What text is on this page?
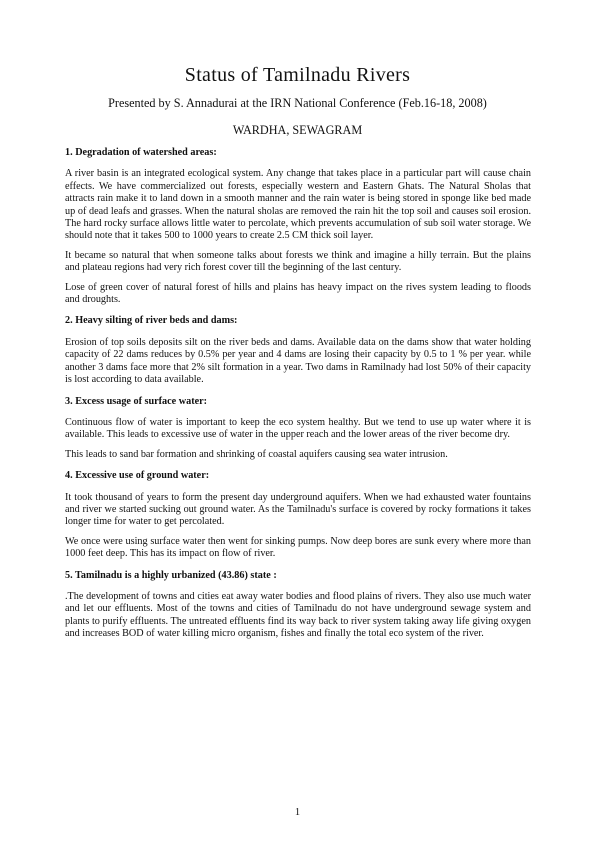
Status of Tamilnadu Rivers

Presented by S. Annadurai at the IRN National Conference (Feb.16-18, 2008)

WARDHA, SEWAGRAM

1. Degradation of watershed areas:

A river basin is an integrated ecological system. Any change that takes place in a particular part will cause chain effects. We have commercialized out forests, especially western and Eastern Ghats. The Natural Sholas that attracts rain make it to land down in a smooth manner and the rain water is being stored in sponge like bed made up of dead leafs and grasses. When the natural sholas are removed the rain hit the top soil and causes soil erosion. The hard rocky surface allows little water to percolate, which prevents accumulation of sub soil water storage. We should note that it takes 500 to 1000 years to create 2.5 CM thick soil layer.

It became so natural that when someone talks about forests we think and imagine a hilly terrain. But the plains and plateau regions had very rich forest cover till the beginning of the last century.

Lose of green cover of natural forest of hills and plains has heavy impact on the rives system leading to floods and droughts.

2. Heavy silting of river beds and dams:

Erosion of top soils deposits silt on the river beds and dams. Available data on the dams show that water holding capacity of 22 dams reduces by 0.5% per year and 4 dams are losing their capacity by 0.5 to 1 % per year. while another 3 dams face more that 2% silt formation in a year. Two dams in Ramilnady had lost 50% of their capacity is lost according to data available.

3. Excess usage of surface water:

Continuous flow of water is important to keep the eco system healthy. But we tend to use up water where it is available. This leads to excessive use of water in the upper reach and the lower areas of the river become dry.

This leads to sand bar formation and shrinking of coastal aquifers causing sea water intrusion.

4. Excessive use of ground water:

It took thousand of years to form the present day underground aquifers. When we had exhausted water fountains and river we started sucking out ground water. As the Tamilnadu's surface is covered by rocky formations it takes longer time for water to get percolated.

We once were using surface water then went for sinking pumps. Now deep bores are sunk every where more than 1000 feet deep. This has its impact on flow of river.

5. Tamilnadu is a highly urbanized (43.86) state :

.The development of towns and cities eat away water bodies and flood plains of rivers. They also use much water and let our effluents. Most of the towns and cities of Tamilnadu do not have underground sewage system and plants to purify effluents. The untreated effluents find its way back to river system taking away life giving oxygen and increases BOD of water killing micro organism, fishes and finally the total eco system of the river.

1
